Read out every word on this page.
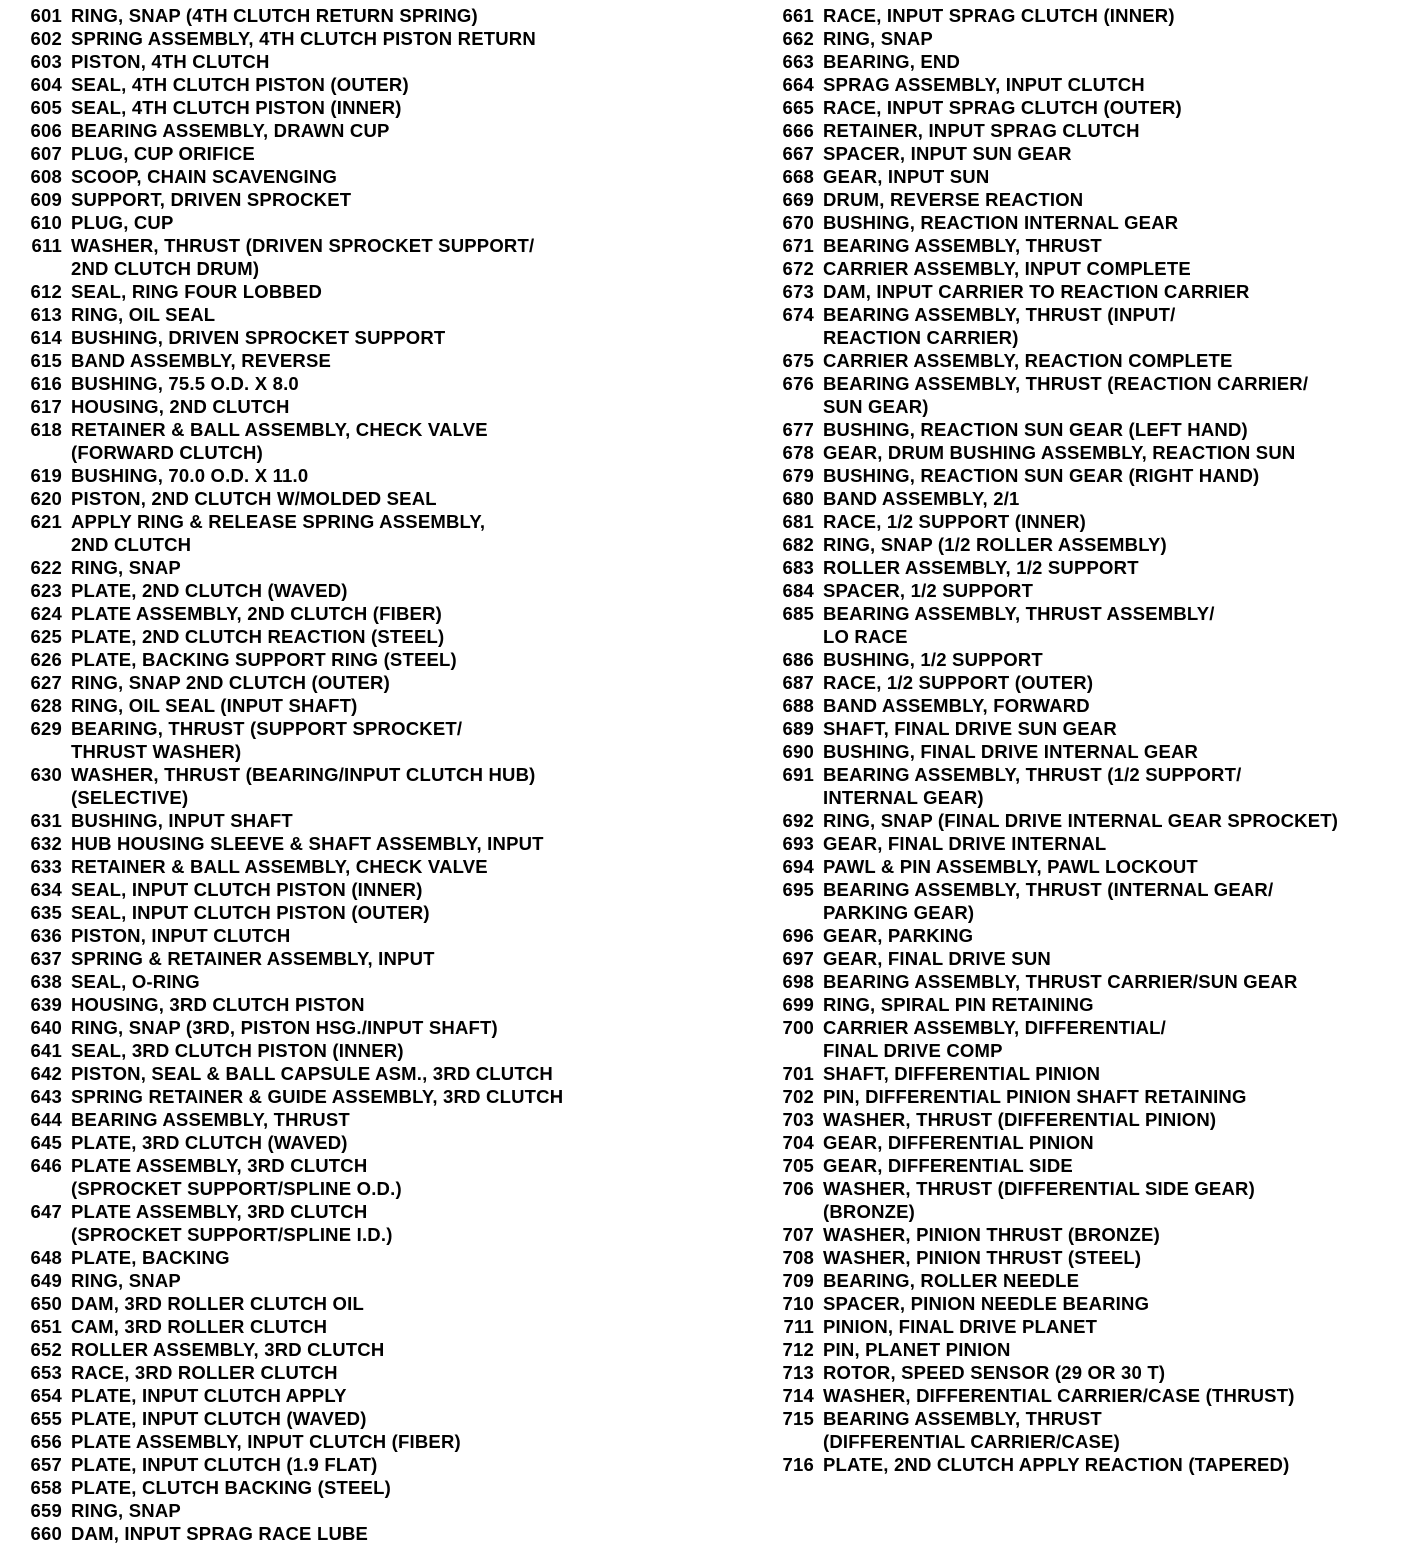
601 RING, SNAP (4TH CLUTCH RETURN SPRING)
602 SPRING ASSEMBLY, 4TH CLUTCH PISTON RETURN
603 PISTON, 4TH CLUTCH
604 SEAL, 4TH CLUTCH PISTON (OUTER)
605 SEAL, 4TH CLUTCH PISTON (INNER)
606 BEARING ASSEMBLY, DRAWN CUP
607 PLUG, CUP ORIFICE
608 SCOOP, CHAIN SCAVENGING
609 SUPPORT, DRIVEN SPROCKET
610 PLUG, CUP
611 WASHER, THRUST (DRIVEN SPROCKET SUPPORT/
2ND CLUTCH DRUM)
612 SEAL, RING FOUR LOBBED
613 RING, OIL SEAL
614 BUSHING, DRIVEN SPROCKET SUPPORT
615 BAND ASSEMBLY, REVERSE
616 BUSHING, 75.5 O.D. X 8.0
617 HOUSING, 2ND CLUTCH
618 RETAINER & BALL ASSEMBLY, CHECK VALVE
(FORWARD CLUTCH)
619 BUSHING, 70.0 O.D. X 11.0
620 PISTON, 2ND CLUTCH W/MOLDED SEAL
621 APPLY RING & RELEASE SPRING ASSEMBLY,
2ND CLUTCH
622 RING, SNAP
623 PLATE, 2ND CLUTCH (WAVED)
624 PLATE ASSEMBLY, 2ND CLUTCH (FIBER)
625 PLATE, 2ND CLUTCH REACTION (STEEL)
626 PLATE, BACKING SUPPORT RING (STEEL)
627 RING, SNAP 2ND CLUTCH (OUTER)
628 RING, OIL SEAL (INPUT SHAFT)
629 BEARING, THRUST (SUPPORT SPROCKET/
THRUST WASHER)
630 WASHER, THRUST (BEARING/INPUT CLUTCH HUB)
(SELECTIVE)
631 BUSHING, INPUT SHAFT
632 HUB HOUSING SLEEVE & SHAFT ASSEMBLY, INPUT
633 RETAINER & BALL ASSEMBLY, CHECK VALVE
634 SEAL, INPUT CLUTCH PISTON (INNER)
635 SEAL, INPUT CLUTCH PISTON (OUTER)
636 PISTON, INPUT CLUTCH
637 SPRING & RETAINER ASSEMBLY, INPUT
638 SEAL, O-RING
639 HOUSING, 3RD CLUTCH PISTON
640 RING, SNAP (3RD, PISTON HSG./INPUT SHAFT)
641 SEAL, 3RD CLUTCH PISTON (INNER)
642 PISTON, SEAL & BALL CAPSULE ASM., 3RD CLUTCH
643 SPRING RETAINER & GUIDE ASSEMBLY, 3RD CLUTCH
644 BEARING ASSEMBLY, THRUST
645 PLATE, 3RD CLUTCH (WAVED)
646 PLATE ASSEMBLY, 3RD CLUTCH
(SPROCKET SUPPORT/SPLINE O.D.)
647 PLATE ASSEMBLY, 3RD CLUTCH
(SPROCKET SUPPORT/SPLINE I.D.)
648 PLATE, BACKING
649 RING, SNAP
650 DAM, 3RD ROLLER CLUTCH OIL
651 CAM, 3RD ROLLER CLUTCH
652 ROLLER ASSEMBLY, 3RD CLUTCH
653 RACE, 3RD ROLLER CLUTCH
654 PLATE, INPUT CLUTCH APPLY
655 PLATE, INPUT CLUTCH (WAVED)
656 PLATE ASSEMBLY, INPUT CLUTCH (FIBER)
657 PLATE, INPUT CLUTCH (1.9 FLAT)
658 PLATE, CLUTCH BACKING (STEEL)
659 RING, SNAP
660 DAM, INPUT SPRAG RACE LUBE
661 RACE, INPUT SPRAG CLUTCH (INNER)
662 RING, SNAP
663 BEARING, END
664 SPRAG ASSEMBLY, INPUT CLUTCH
665 RACE, INPUT SPRAG CLUTCH (OUTER)
666 RETAINER, INPUT SPRAG CLUTCH
667 SPACER, INPUT SUN GEAR
668 GEAR, INPUT SUN
669 DRUM, REVERSE REACTION
670 BUSHING, REACTION INTERNAL GEAR
671 BEARING ASSEMBLY, THRUST
672 CARRIER ASSEMBLY, INPUT COMPLETE
673 DAM, INPUT CARRIER TO REACTION CARRIER
674 BEARING ASSEMBLY, THRUST (INPUT/
REACTION CARRIER)
675 CARRIER ASSEMBLY, REACTION COMPLETE
676 BEARING ASSEMBLY, THRUST (REACTION CARRIER/
SUN GEAR)
677 BUSHING, REACTION SUN GEAR (LEFT HAND)
678 GEAR, DRUM BUSHING ASSEMBLY, REACTION SUN
679 BUSHING, REACTION SUN GEAR (RIGHT HAND)
680 BAND ASSEMBLY, 2/1
681 RACE, 1/2 SUPPORT (INNER)
682 RING, SNAP (1/2 ROLLER ASSEMBLY)
683 ROLLER ASSEMBLY, 1/2 SUPPORT
684 SPACER, 1/2 SUPPORT
685 BEARING ASSEMBLY, THRUST ASSEMBLY/
LO RACE
686 BUSHING, 1/2 SUPPORT
687 RACE, 1/2 SUPPORT (OUTER)
688 BAND ASSEMBLY, FORWARD
689 SHAFT, FINAL DRIVE SUN GEAR
690 BUSHING, FINAL DRIVE INTERNAL GEAR
691 BEARING ASSEMBLY, THRUST (1/2 SUPPORT/
INTERNAL GEAR)
692 RING, SNAP (FINAL DRIVE INTERNAL GEAR SPROCKET)
693 GEAR, FINAL DRIVE INTERNAL
694 PAWL & PIN ASSEMBLY, PAWL LOCKOUT
695 BEARING ASSEMBLY, THRUST (INTERNAL GEAR/
PARKING GEAR)
696 GEAR, PARKING
697 GEAR, FINAL DRIVE SUN
698 BEARING ASSEMBLY, THRUST CARRIER/SUN GEAR
699 RING, SPIRAL PIN RETAINING
700 CARRIER ASSEMBLY, DIFFERENTIAL/
FINAL DRIVE COMP
701 SHAFT, DIFFERENTIAL PINION
702 PIN, DIFFERENTIAL PINION SHAFT RETAINING
703 WASHER, THRUST (DIFFERENTIAL PINION)
704 GEAR, DIFFERENTIAL PINION
705 GEAR, DIFFERENTIAL SIDE
706 WASHER, THRUST (DIFFERENTIAL SIDE GEAR)
(BRONZE)
707 WASHER, PINION THRUST (BRONZE)
708 WASHER, PINION THRUST (STEEL)
709 BEARING, ROLLER NEEDLE
710 SPACER, PINION NEEDLE BEARING
711 PINION, FINAL DRIVE PLANET
712 PIN, PLANET PINION
713 ROTOR, SPEED SENSOR (29 OR 30 T)
714 WASHER, DIFFERENTIAL CARRIER/CASE (THRUST)
715 BEARING ASSEMBLY, THRUST
(DIFFERENTIAL CARRIER/CASE)
716 PLATE, 2ND CLUTCH APPLY REACTION (TAPERED)
